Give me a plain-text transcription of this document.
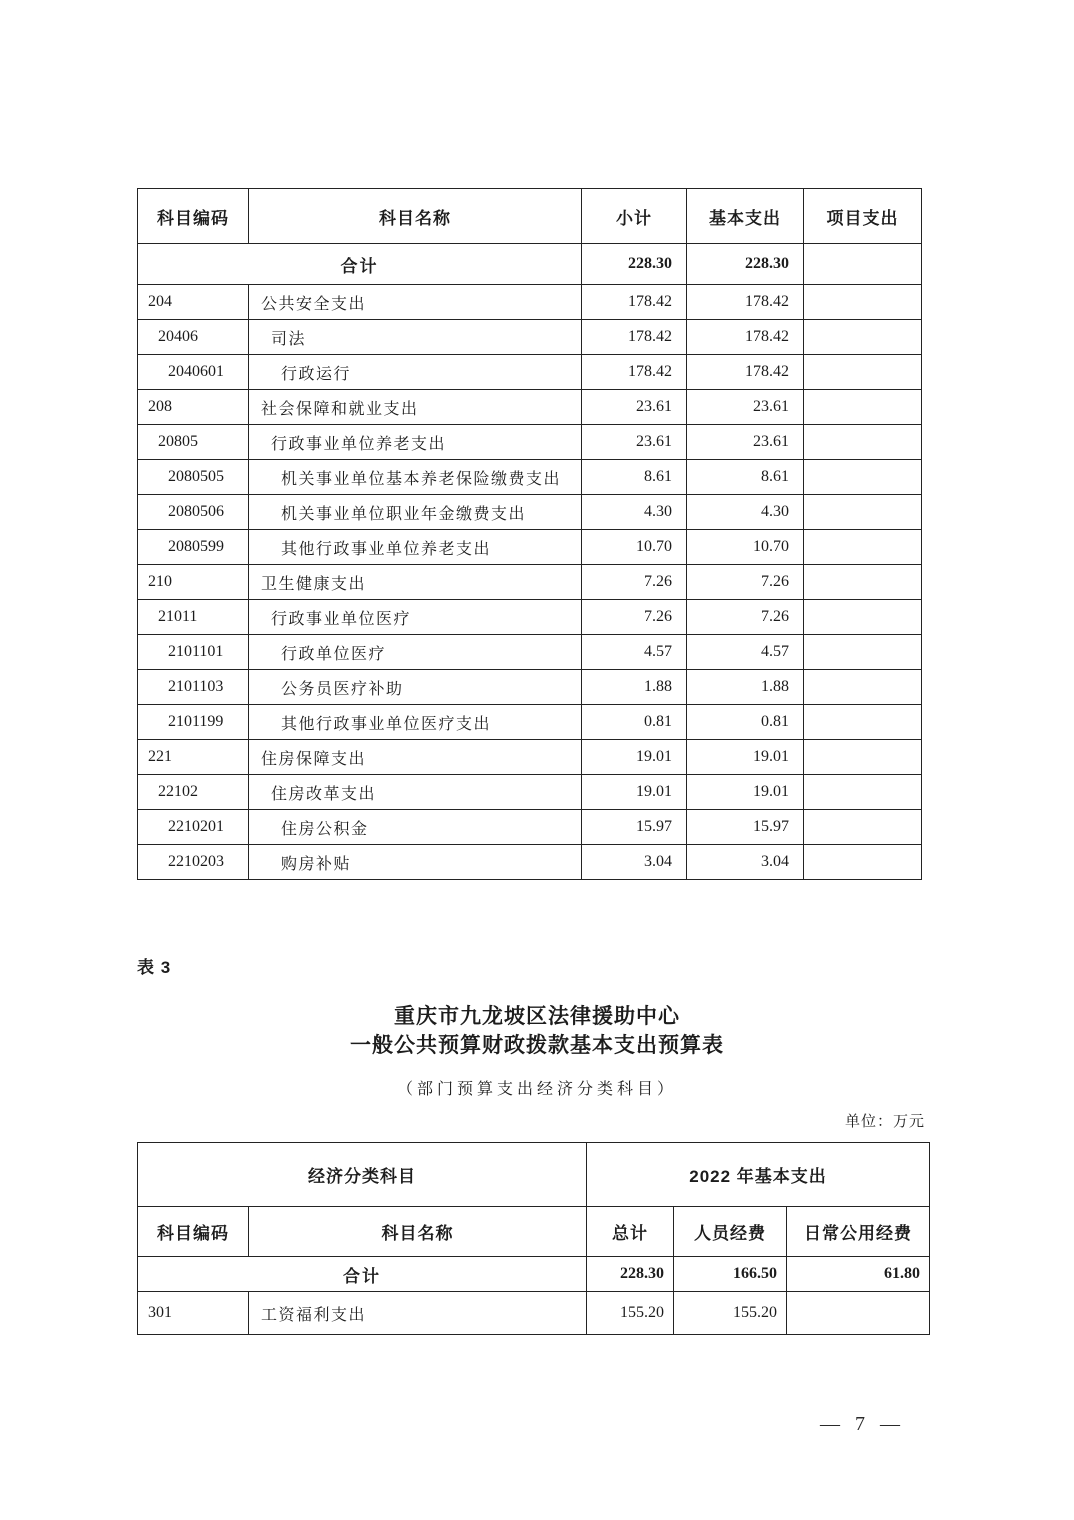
科目编码	科目名称	小计	基本支出	项目支出
合计		228.30	228.30	
204	公共安全支出	178.42	178.42	
20406	司法	178.42	178.42	
2040601	行政运行	178.42	178.42	
208	社会保障和就业支出	23.61	23.61	
20805	行政事业单位养老支出	23.61	23.61	
2080505	机关事业单位基本养老保险缴费支出	8.61	8.61	
2080506	机关事业单位职业年金缴费支出	4.30	4.30	
2080599	其他行政事业单位养老支出	10.70	10.70	
210	卫生健康支出	7.26	7.26	
21011	行政事业单位医疗	7.26	7.26	
2101101	行政单位医疗	4.57	4.57	
2101103	公务员医疗补助	1.88	1.88	
2101199	其他行政事业单位医疗支出	0.81	0.81	
221	住房保障支出	19.01	19.01	
22102	住房改革支出	19.01	19.01	
2210201	住房公积金	15.97	15.97	
2210203	购房补贴	3.04	3.04	
表 3
重庆市九龙坡区法律援助中心
一般公共预算财政拨款基本支出预算表
（部门预算支出经济分类科目）
单位：万元
经济分类科目		2022 年基本支出		
科目编码	科目名称	总计	人员经费	日常公用经费
合计		228.30	166.50	61.80
301	工资福利支出	155.20	155.20	
— 7 —
